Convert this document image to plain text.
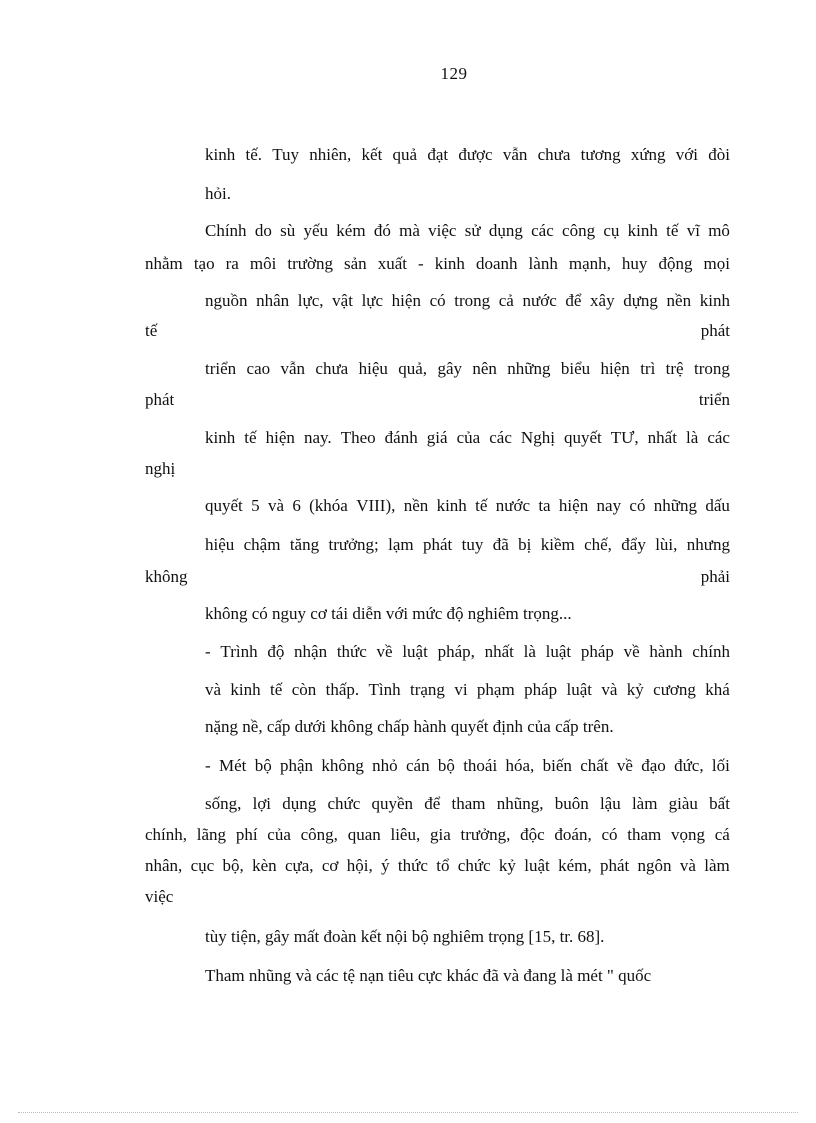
129
kinh tế. Tuy nhiên, kết quả đạt được vẫn chưa tương xứng với đòi
hỏi.
Chính do sù yếu kém đó mà việc sử dụng các công cụ kinh tế vĩ mô
nhằm tạo ra môi trường sản xuất - kinh doanh lành mạnh, huy động mọi
nguồn nhân lực, vật lực hiện có trong cả nước để xây dựng nền kinh
tế	phát
triển cao vẫn chưa hiệu quả, gây nên những biểu hiện trì trệ trong
phát	triển
kinh tế hiện nay. Theo đánh giá của các Nghị quyết TƯ, nhất là các
nghị
quyết 5 và 6 (khóa VIII), nền kinh tế nước ta hiện nay có những dấu
hiệu chậm tăng trưởng; lạm phát tuy đã bị kiềm chế, đẩy lùi, nhưng
không	phải
không có nguy cơ tái diễn với mức độ nghiêm trọng...
- Trình độ nhận thức về luật pháp, nhất là luật pháp về hành chính
và kinh tế còn thấp. Tình trạng vi phạm pháp luật và kỷ cương khá
nặng nề, cấp dưới không chấp hành quyết định của cấp trên.
- Mét bộ phận không nhỏ cán bộ thoái hóa, biến chất về đạo đức, lối
sống, lợi dụng chức quyền để tham nhũng, buôn lậu làm giàu bất
chính, lãng phí của công, quan liêu, gia trưởng, độc đoán, có tham vọng cá
nhân, cục bộ, kèn cựa, cơ hội, ý thức tổ chức kỷ luật kém, phát ngôn và làm
việc
tùy tiện, gây mất đoàn kết nội bộ nghiêm trọng [15, tr. 68].
Tham nhũng và các tệ nạn tiêu cực khác đã và đang là mét " quốc
